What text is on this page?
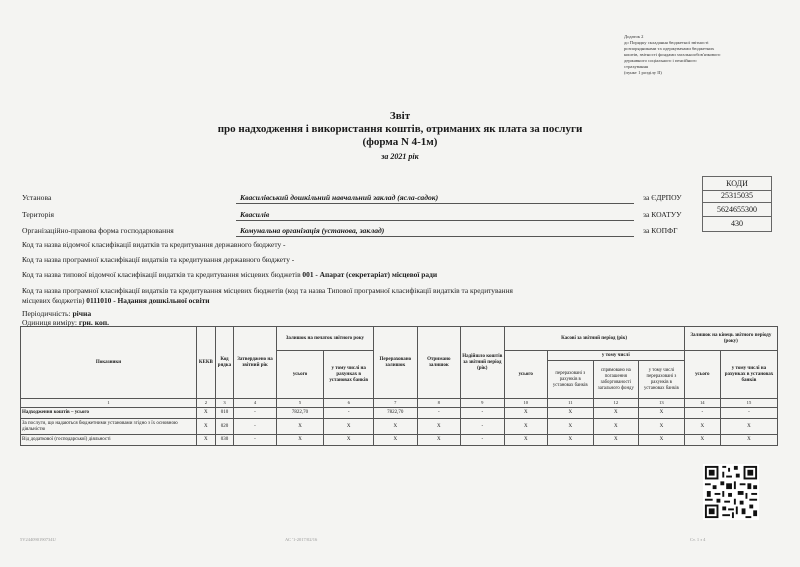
Додаток 2
до Порядку складання бюджетної звітності
розпорядниками та одержувачами бюджетних
коштів, звітності фондами загальнообов'язкового
державного соціального і пенсійного
страхування
(пункт 1 розділу II)
Звіт
про надходження і використання коштів, отриманих як плата за послуги
(форма N 4-1м)
за 2021 рік
КОДИ
Установа	Квасилівський дошкільний навчальний заклад (ясла-садок)	за ЄДРПОУ	25315035
Територія	Квасилів	за КОАТУУ
5624655300
Організаційно-правова форма господарювання	Комунальна організація (установа, заклад)	за КОПФГ
430
Код та назва відомчої класифікації видатків та кредитування державного бюджету -
Код та назва програмної класифікації видатків та кредитування державного бюджету -
Код та назва типової відомчої класифікації видатків та кредитування місцевих бюджетів 001 - Апарат (секретаріат) місцевої ради
Код та назва програмної класифікації видатків та кредитування місцевих бюджетів (код та назва Типової програмної класифікації видатків та кредитування
місцевих бюджетів) 0111010 - Надання дошкільної освіти
Періодичність: річна
Показники	КЕКВ	Код рядка	Затверджено на звітний рік	Залишок на початок звітного року		Перераховано залишок	Отримано залишок	Надійшло коштів за звітний період (рік)	Касові за звітний період (рік)				Залишок на кінець звітного періоду (року)	
				усього	у тому числі на рахунках в установах банків				усього	у тому числі			усього	у тому числі на рахунках в установах банків
										перераховані з рахунків в установах банків	спрямовано на погашення заборгованості загального фонду	у тому числі перераховані з рахунків в установах банків		
1	2	3	4	5	6	7	8	9	10	11	12	13	14	15
Надходження коштів – усього	X	010	-	7822,70	-	7822,70	-	-	X	X	X	X	-	-
За послуги, що надаються бюджетними установами згідно з їх основною діяльністю	X	020	-	X	X	X	X	-	X	X	X	X	X	X
Від додаткової (господарської) діяльності	X	030	-	X	X	X	X	-	X	X	X	X	X	X
Одиниця виміру: грн. коп.
5V244090190734U	АС '1-2017/02/16	Ст. 1 з 4
